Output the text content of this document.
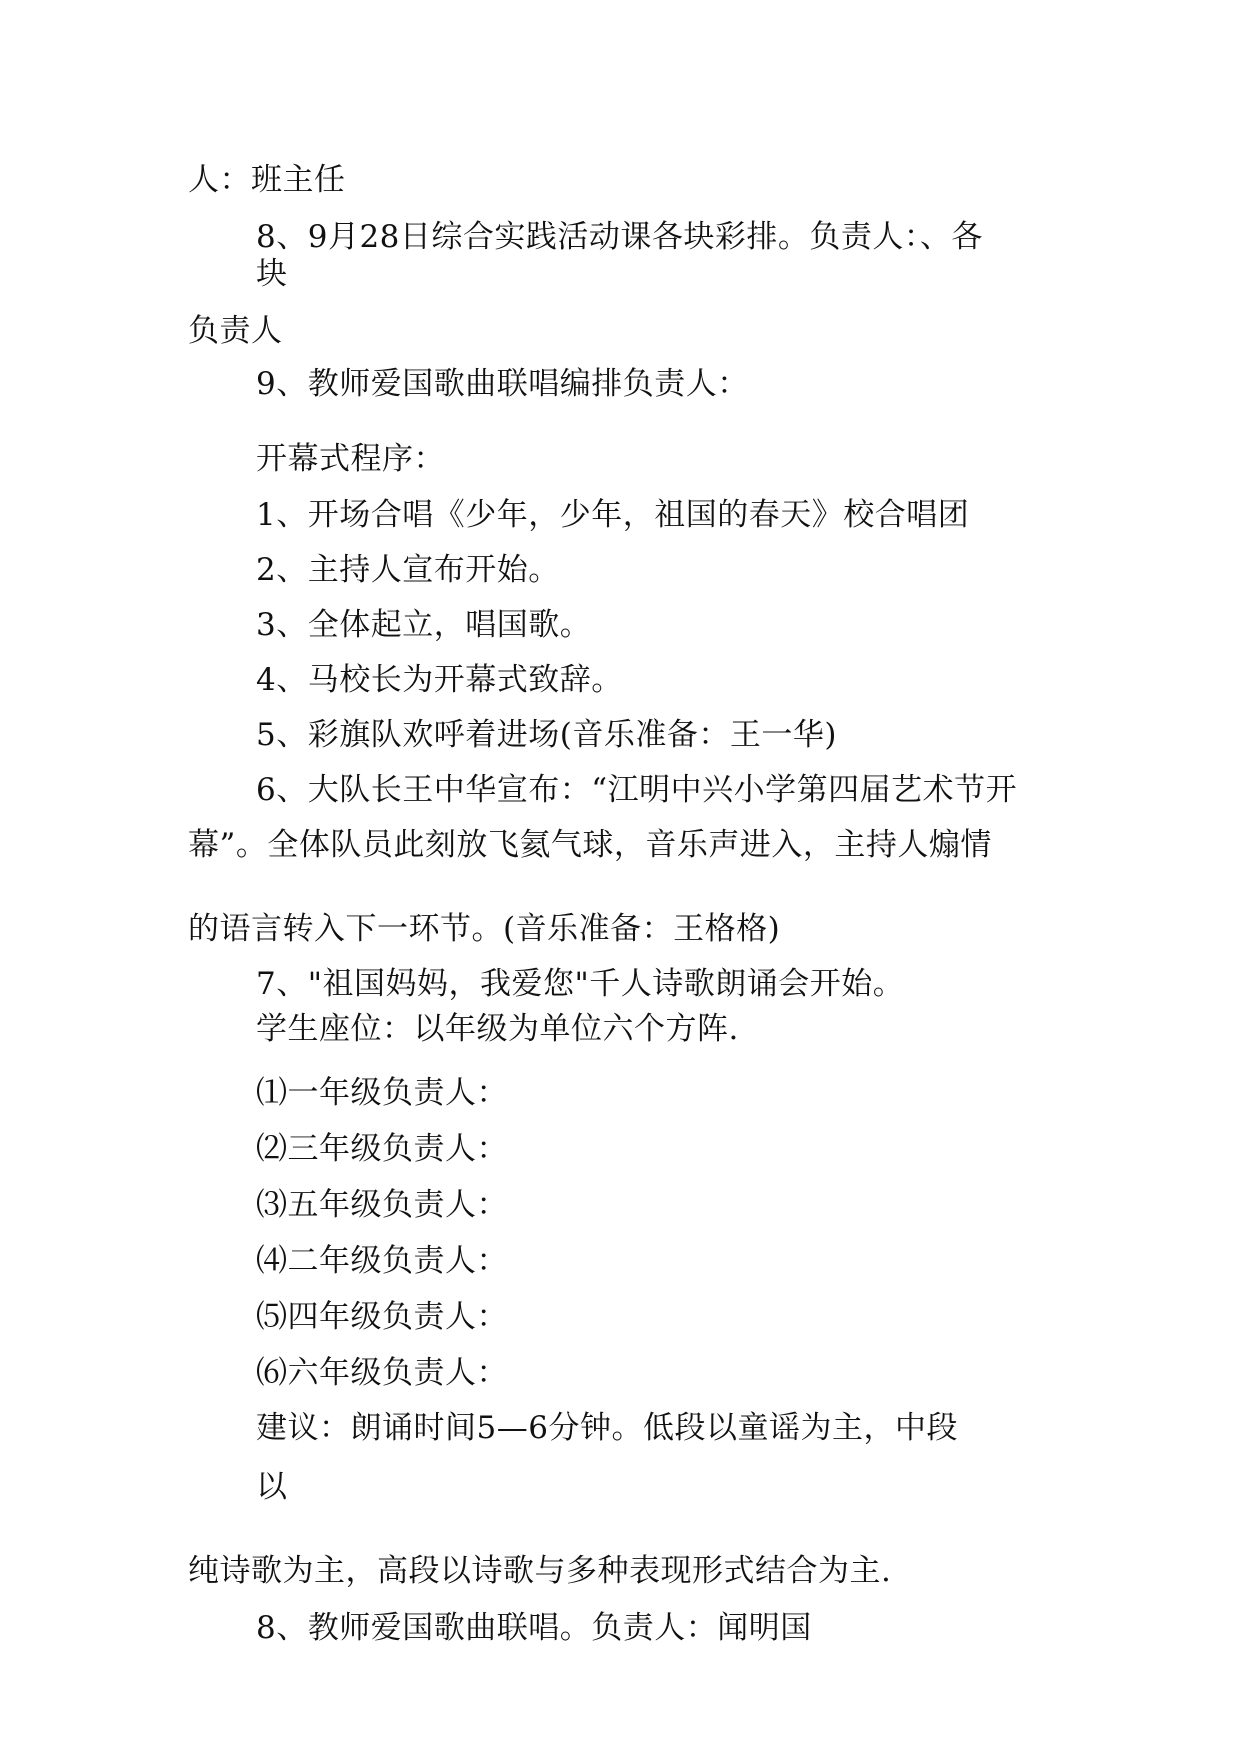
人：班主任
8、9月28日综合实践活动课各块彩排。负责人：、各
块
负责人
9、教师爱国歌曲联唱编排负责人：
开幕式程序：
1、开场合唱《少年，少年，祖国的春天》校合唱团
2、主持人宣布开始。
3、全体起立，唱国歌。
4、马校长为开幕式致辞。
5、彩旗队欢呼着进场(音乐准备：王一华)
6、大队长王中华宣布：“江明中兴小学第四届艺术节开
幕”。全体队员此刻放飞氦气球，音乐声进入，主持人煽情
的语言转入下一环节。(音乐准备：王格格)
7、"祖国妈妈，我爱您"千人诗歌朗诵会开始。
学生座位：以年级为单位六个方阵.
⑴一年级负责人：
⑵三年级负责人：
⑶五年级负责人：
⑷二年级负责人：
⑸四年级负责人：
⑹六年级负责人：
建议：朗诵时间5—6分钟。低段以童谣为主，中段
以
纯诗歌为主，高段以诗歌与多种表现形式结合为主.
8、教师爱国歌曲联唱。负责人：闻明国
